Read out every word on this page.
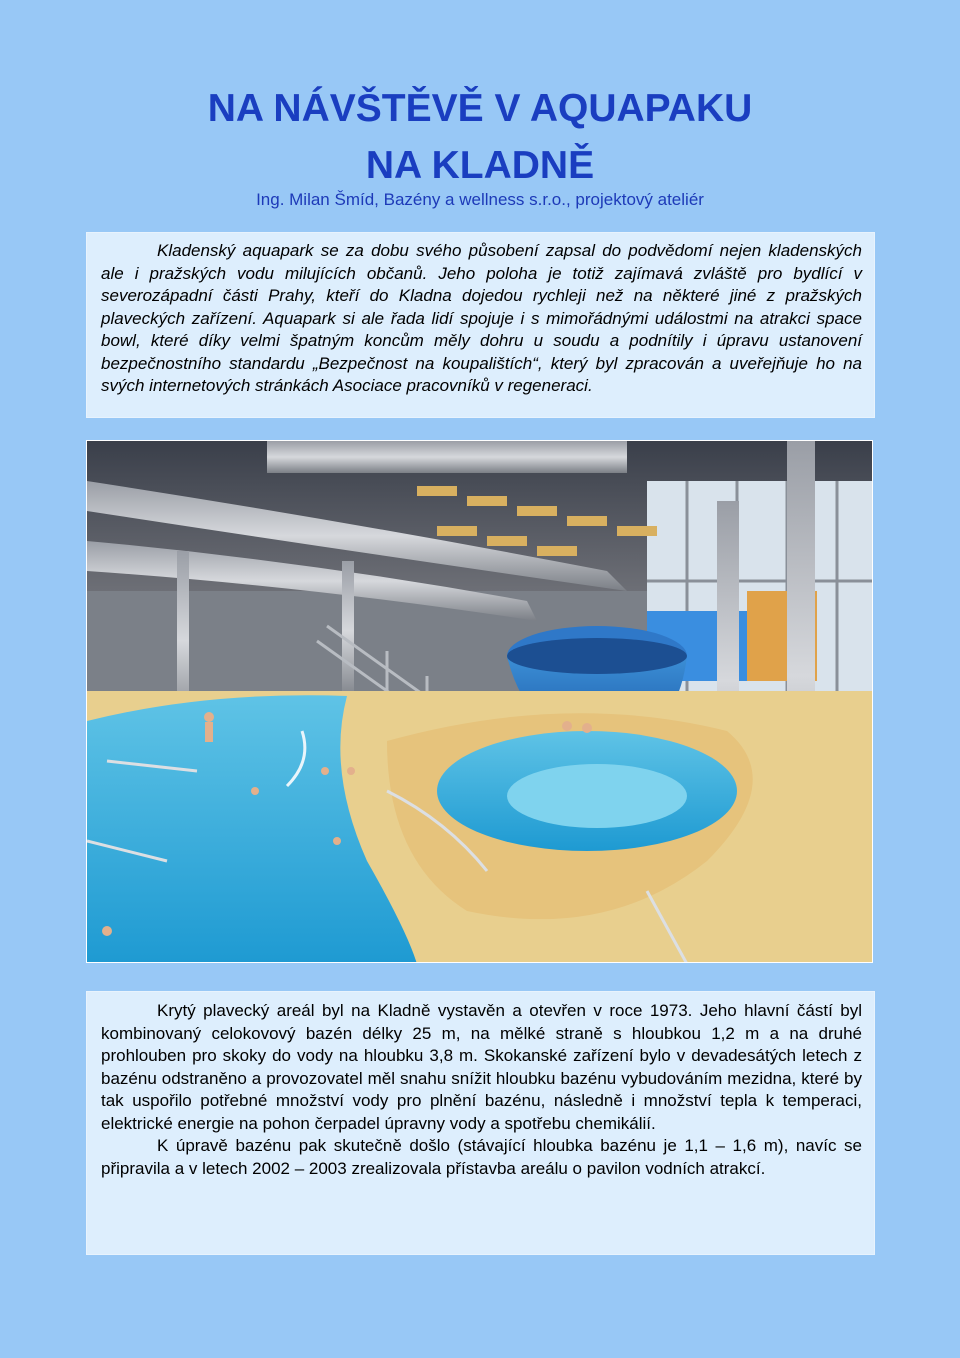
NA NÁVŠTĚVĚ V AQUAPAKU
NA KLADNĚ
Ing. Milan Šmíd, Bazény a wellness s.r.o., projektový ateliér

Kladenský aquapark se za dobu svého působení zapsal do podvědomí nejen kladenských ale i pražských vodu milujících občanů. Jeho poloha je totiž zajímavá zvláště pro bydlící v severozápadní části Prahy, kteří do Kladna dojedou rychleji než na některé jiné z pražských plaveckých zařízení. Aquapark si ale řada lidí spojuje i s mimořádnými událostmi na atrakci space bowl, které díky velmi špatným koncům měly dohru u soudu a podnítily i úpravu ustanovení bezpečnostního standardu „Bezpečnost na koupalištích“, který byl zpracován a uveřejňuje ho na svých internetových stránkách Asociace pracovníků v regeneraci.

Krytý plavecký areál byl na Kladně vystavěn a otevřen v roce 1973. Jeho hlavní částí byl kombinovaný celokovový bazén délky 25 m, na mělké straně s hloubkou 1,2 m a na druhé prohlouben pro skoky do vody na hloubku 3,8 m. Skokanské zařízení bylo v devadesátých letech z bazénu odstraněno a provozovatel měl snahu snížit hloubku bazénu vybudováním mezidna, které by tak uspořilo potřebné množství vody pro plnění bazénu, následně i množství tepla k temperaci, elektrické energie na pohon čerpadel úpravny vody a spotřebu chemikálií.

K úpravě bazénu pak skutečně došlo (stávající hloubka bazénu je 1,1 – 1,6 m), navíc se připravila a v letech 2002 – 2003 zrealizovala přístavba areálu o pavilon vodních atrakcí.
